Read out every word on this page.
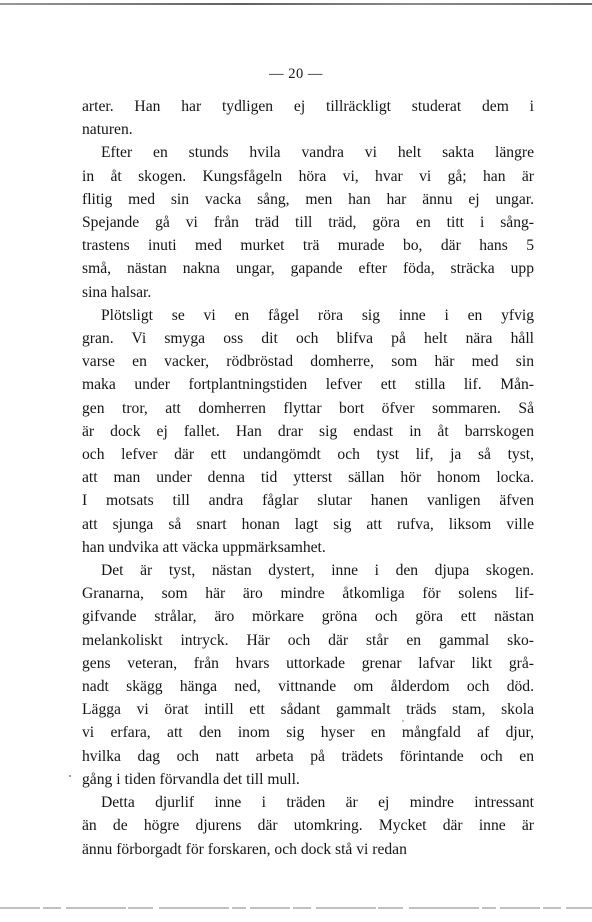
— 20 —
arter. Han har tydligen ej tillräckligt studerat dem i
naturen.
Efter en stunds hvila vandra vi helt sakta längre
in åt skogen. Kungsfågeln höra vi, hvar vi gå; han är
flitig med sin vacka sång, men han har ännu ej ungar.
Spejande gå vi från träd till träd, göra en titt i sång-
trastens inuti med murket trä murade bo, där hans 5
små, nästan nakna ungar, gapande efter föda, sträcka upp
sina halsar.
Plötsligt se vi en fågel röra sig inne i en yfvig
gran. Vi smyga oss dit och blifva på helt nära håll
varse en vacker, rödbröstad domherre, som här med sin
maka under fortplantningstiden lefver ett stilla lif. Mån-
gen tror, att domherren flyttar bort öfver sommaren. Så
är dock ej fallet. Han drar sig endast in åt barrskogen
och lefver där ett undangömdt och tyst lif, ja så tyst,
att man under denna tid ytterst sällan hör honom locka.
I motsats till andra fåglar slutar hanen vanligen äfven
att sjunga så snart honan lagt sig att rufva, liksom ville
han undvika att väcka uppmärksamhet.
Det är tyst, nästan dystert, inne i den djupa skogen.
Granarna, som här äro mindre åtkomliga för solens lif-
gifvande strålar, äro mörkare gröna och göra ett nästan
melankoliskt intryck. Här och där står en gammal sko-
gens veteran, från hvars uttorkade grenar lafvar likt grå-
nadt skägg hänga ned, vittnande om ålderdom och död.
Lägga vi örat intill ett sådant gammalt träds stam, skola
vi erfara, att den inom sig hyser en mångfald af djur,
hvilka dag och natt arbeta på trädets förintande och en
gång i tiden förvandla det till mull.
Detta djurlif inne i träden är ej mindre intressant
än de högre djurens där utomkring. Mycket där inne är
ännu förborgadt för forskaren, och dock stå vi redan
